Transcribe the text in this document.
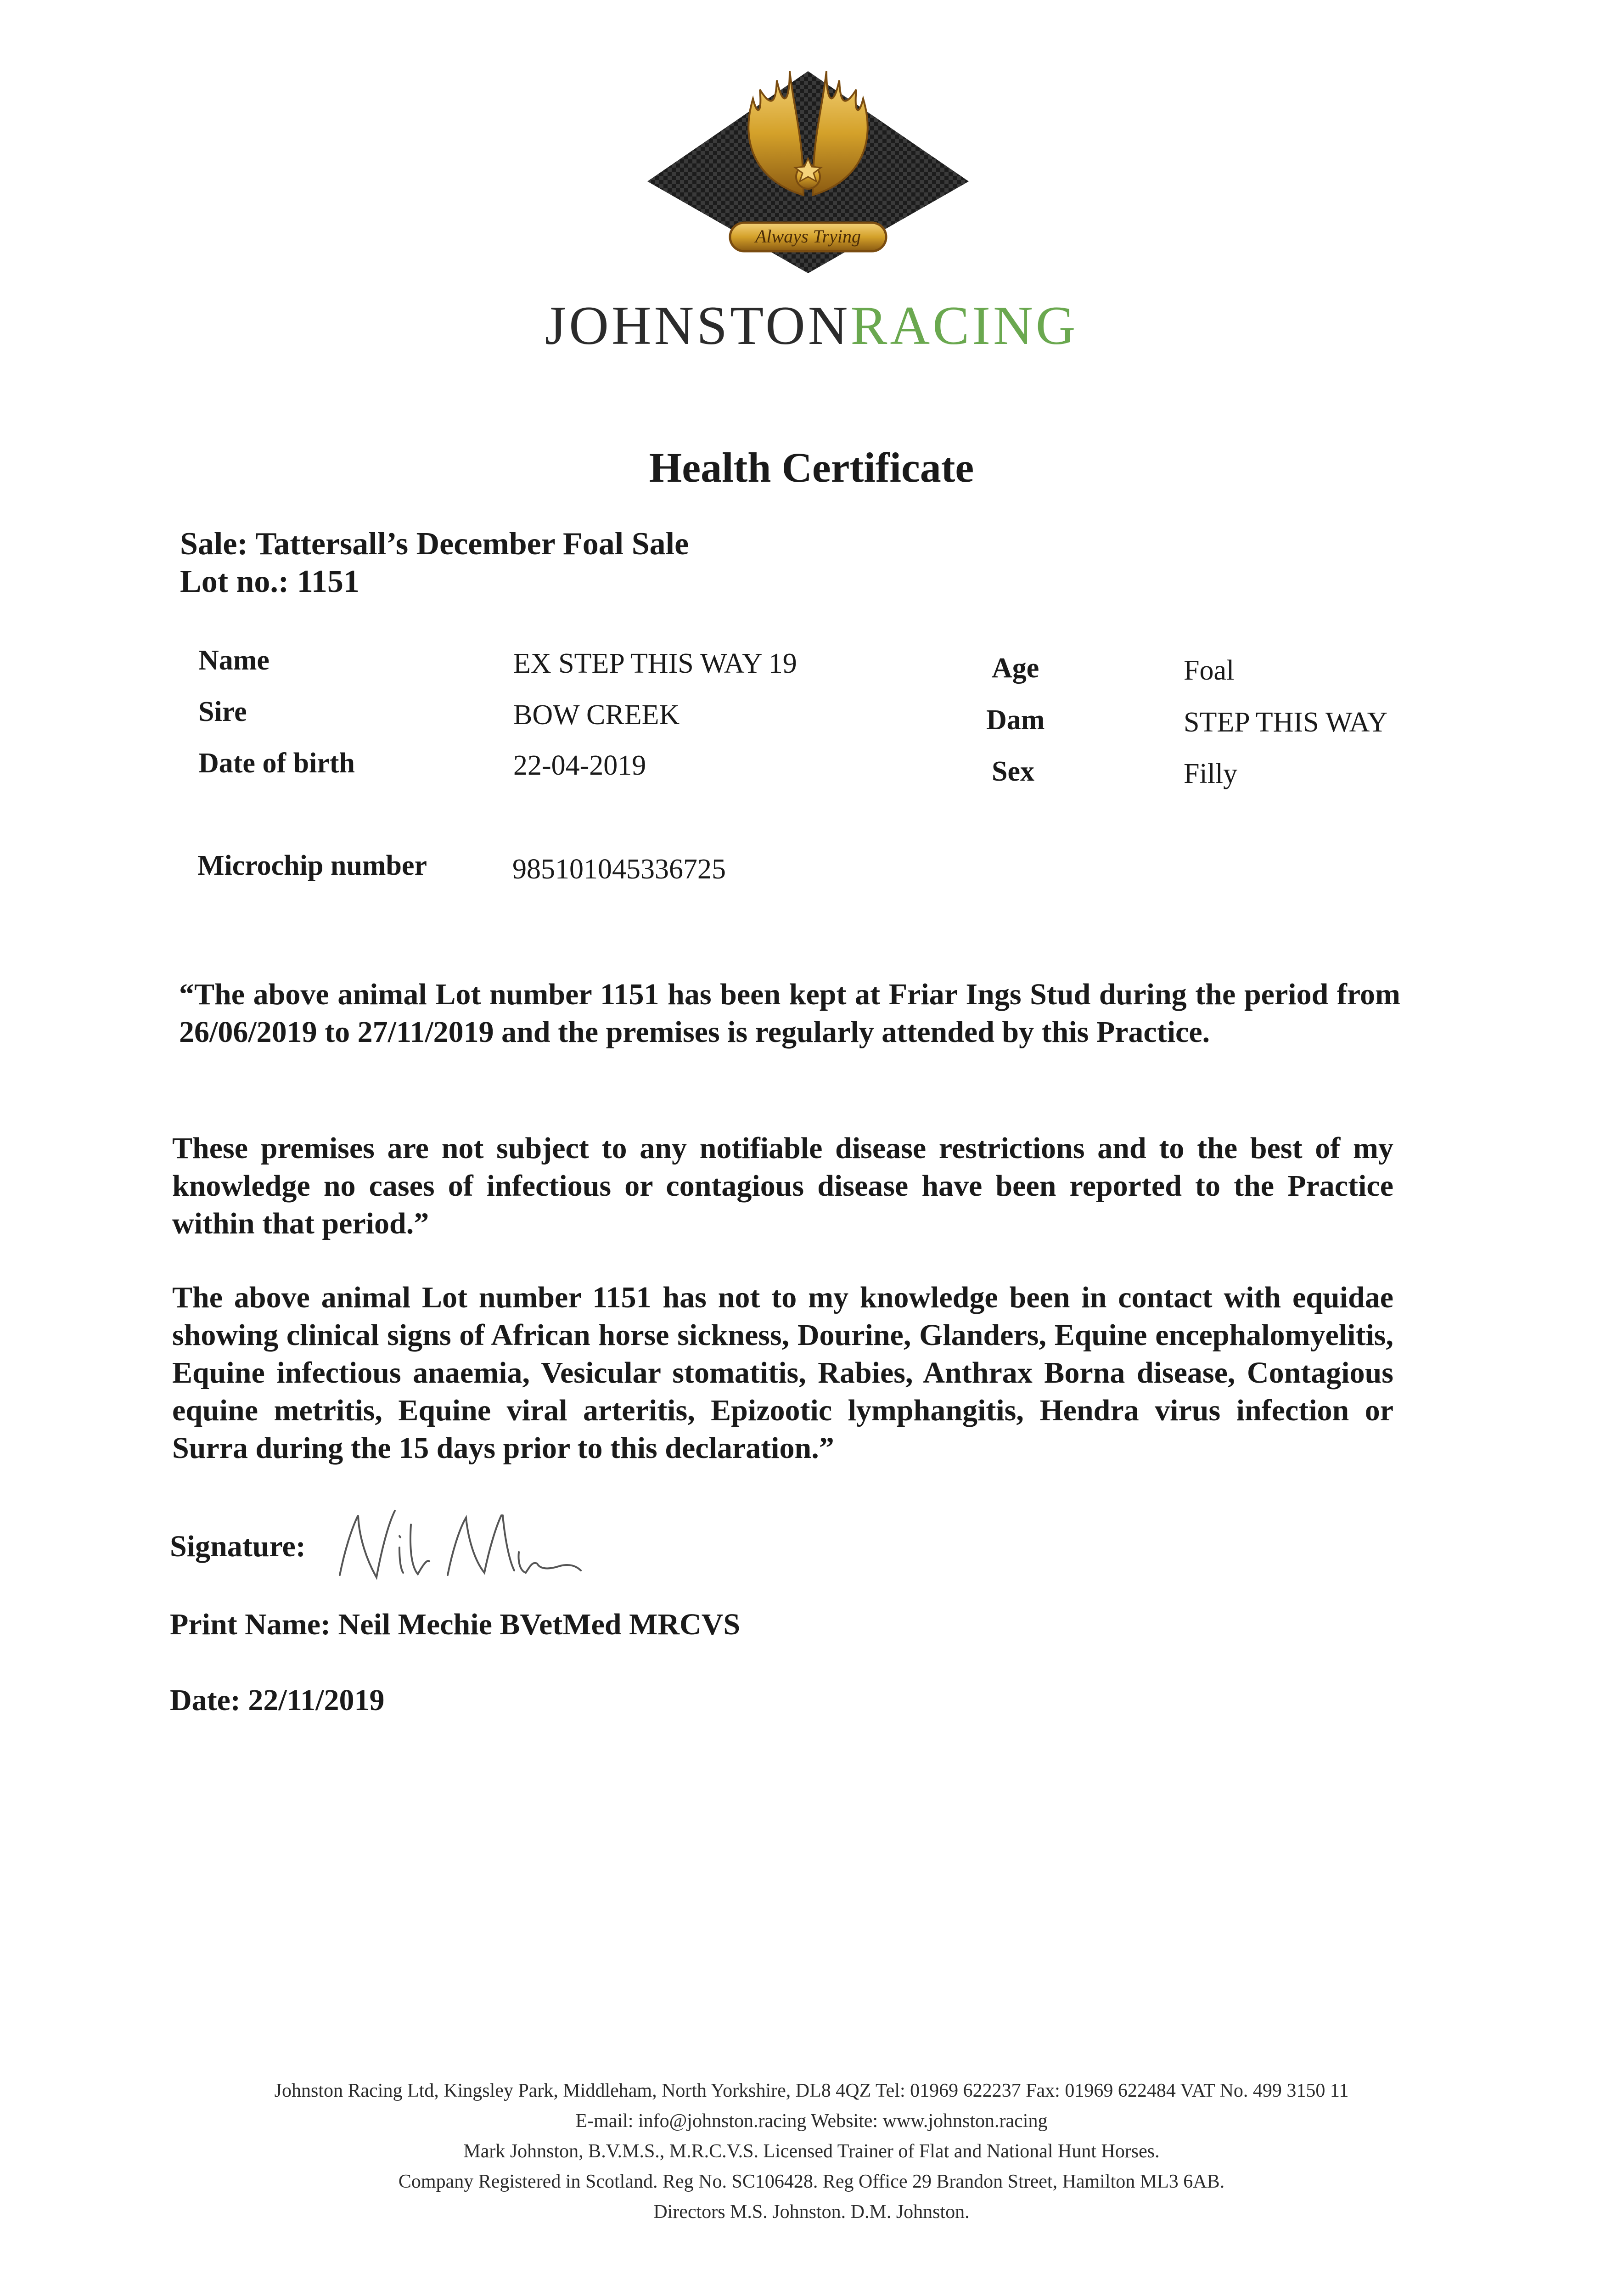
Always Trying
JOHNSTONRACING
Health Certificate
Sale: Tattersall’s December Foal Sale
Lot no.: 1151
Name	EX STEP THIS WAY 19	Age	Foal
Sire	BOW CREEK	Dam	STEP THIS WAY
Date of birth	22-04-2019	Sex	Filly
Microchip number	985101045336725
“The above animal Lot number 1151 has been kept at Friar Ings Stud during the period from 26/06/2019 to 27/11/2019 and the premises is regularly attended by this Practice.
These premises are not subject to any notifiable disease restrictions and to the best of my knowledge no cases of infectious or contagious disease have been reported to the Practice within that period.”
The above animal Lot number 1151 has not to my knowledge been in contact with equidae showing clinical signs of African horse sickness, Dourine, Glanders, Equine encephalomyelitis, Equine infectious anaemia, Vesicular stomatitis, Rabies, Anthrax Borna disease, Contagious equine metritis, Equine viral arteritis, Epizootic lymphangitis, Hendra virus infection or Surra during the 15 days prior to this declaration.”
Signature:
Neil Mechie
Print Name: Neil Mechie BVetMed MRCVS
Date: 22/11/2019
Johnston Racing Ltd, Kingsley Park, Middleham, North Yorkshire, DL8 4QZ Tel: 01969 622237 Fax: 01969 622484 VAT No. 499 3150 11
E-mail: info@johnston.racing Website: www.johnston.racing
Mark Johnston, B.V.M.S., M.R.C.V.S. Licensed Trainer of Flat and National Hunt Horses.
Company Registered in Scotland. Reg No. SC106428. Reg Office 29 Brandon Street, Hamilton ML3 6AB.
Directors M.S. Johnston. D.M. Johnston.
